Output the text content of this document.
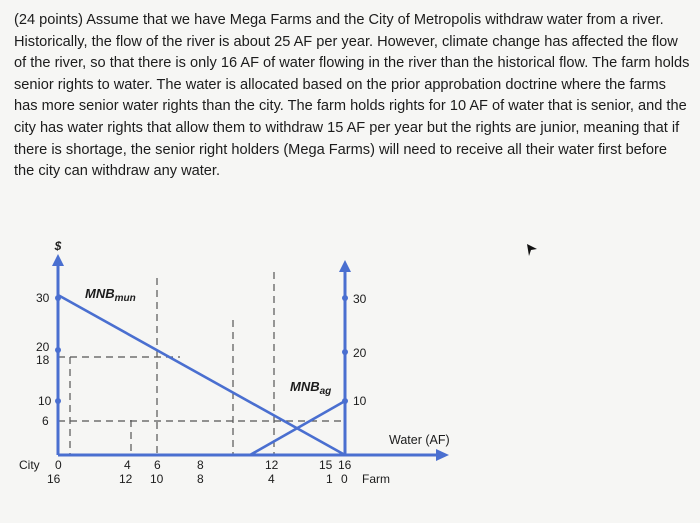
(24 points) Assume that we have Mega Farms and the City of Metropolis withdraw water from a river. Historically, the flow of the river is about 25 AF per year. However, climate change has affected the flow of the river, so that there is only 16 AF of water flowing in the river than the historical flow. The farm holds senior rights to water. The water is allocated based on the prior approbation doctrine where the farms has more senior water rights than the city. The farm holds rights for 10 AF of water that is senior, and the city has water rights that allow them to withdraw 15 AF per year but the rights are junior, meaning that if there is shortage, the senior right holders (Mega Farms) will need to receive all their water first before the city can withdraw any water.
$
30
20
18
10
6
30
20
10
$MNB_{mun}$
$MNB_{ag}$
Water (AF)
City 0	4 6	8	12	15 16
16	12 10	8	4	1 0 Farm
